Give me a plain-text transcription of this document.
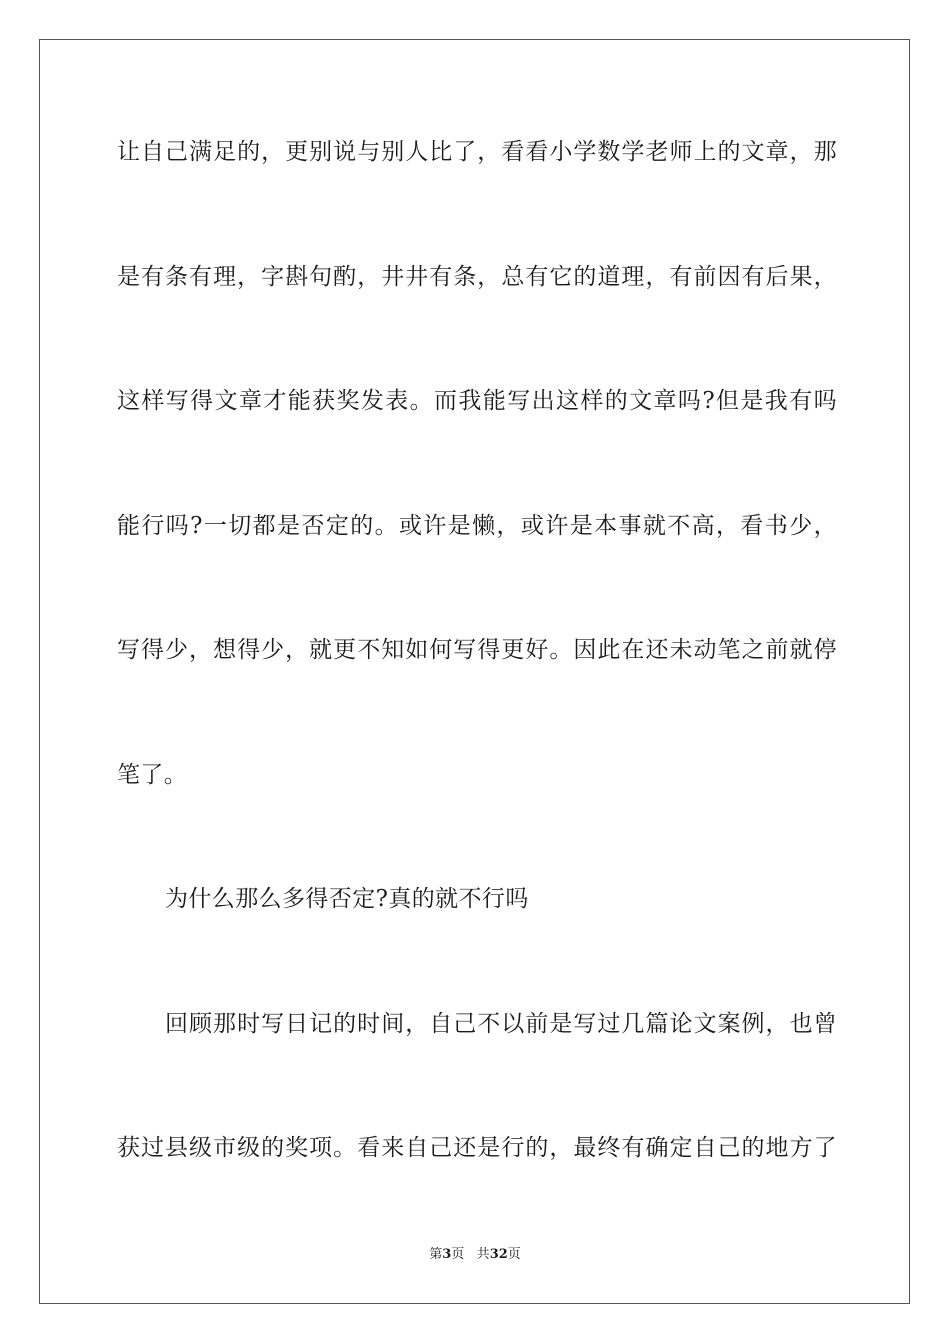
让自己满足的，更别说与别人比了，看看小学数学老师上的文章，那
是有条有理，字斟句酌，井井有条，总有它的道理，有前因有后果，
这样写得文章才能获奖发表。而我能写出这样的文章吗?但是我有吗
能行吗?一切都是否定的。或许是懒，或许是本事就不高，看书少，
写得少，想得少，就更不知如何写得更好。因此在还未动笔之前就停
笔了。
为什么那么多得否定?真的就不行吗
回顾那时写日记的时间，自己不以前是写过几篇论文案例，也曾
获过县级市级的奖项。看来自己还是行的，最终有确定自己的地方了
第3页 共32页
